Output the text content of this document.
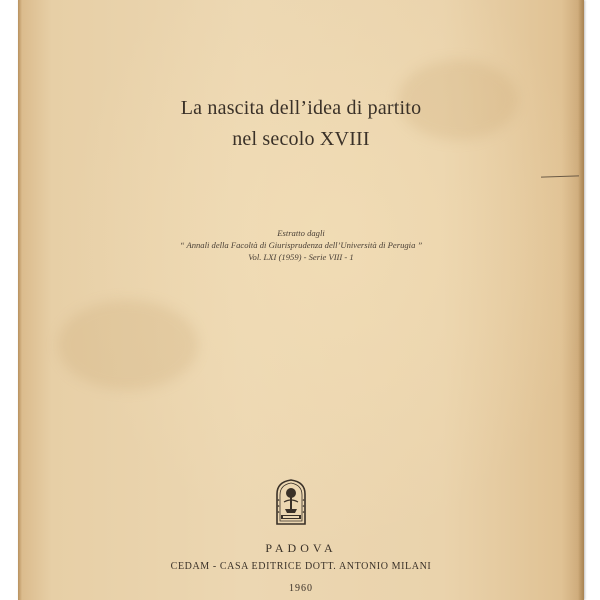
La nascita dell’idea di partito
nel secolo XVIII
Estratto dagli
“ Annali della Facoltà di Giurisprudenza dell’Università di Perugia ”
Vol. LXI (1959) - Serie VIII - 1
PADOVA
CEDAM - CASA EDITRICE DOTT. ANTONIO MILANI
1960
